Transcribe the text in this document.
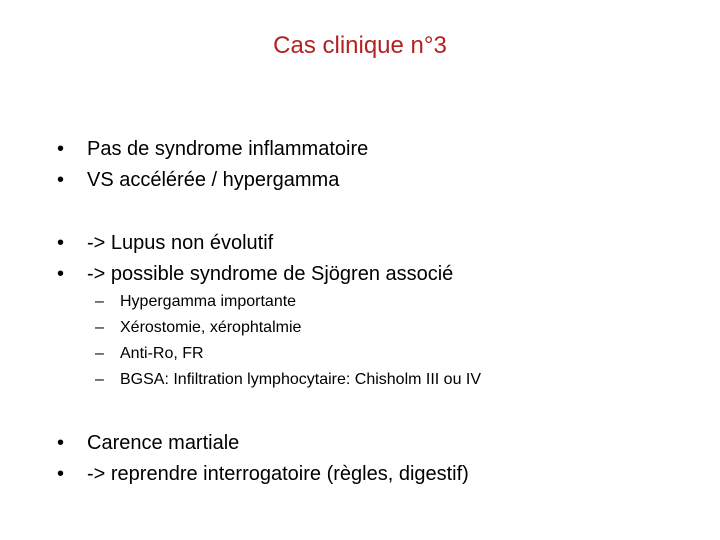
Cas clinique n°3
• Pas de syndrome inflammatoire
• VS accélérée / hypergamma
• -> Lupus non évolutif
• -> possible syndrome de Sjögren associé
– Hypergamma importante
– Xérostomie, xérophtalmie
– Anti-Ro, FR
– BGSA: Infiltration lymphocytaire: Chisholm III ou IV
• Carence martiale
• -> reprendre interrogatoire (règles, digestif)
